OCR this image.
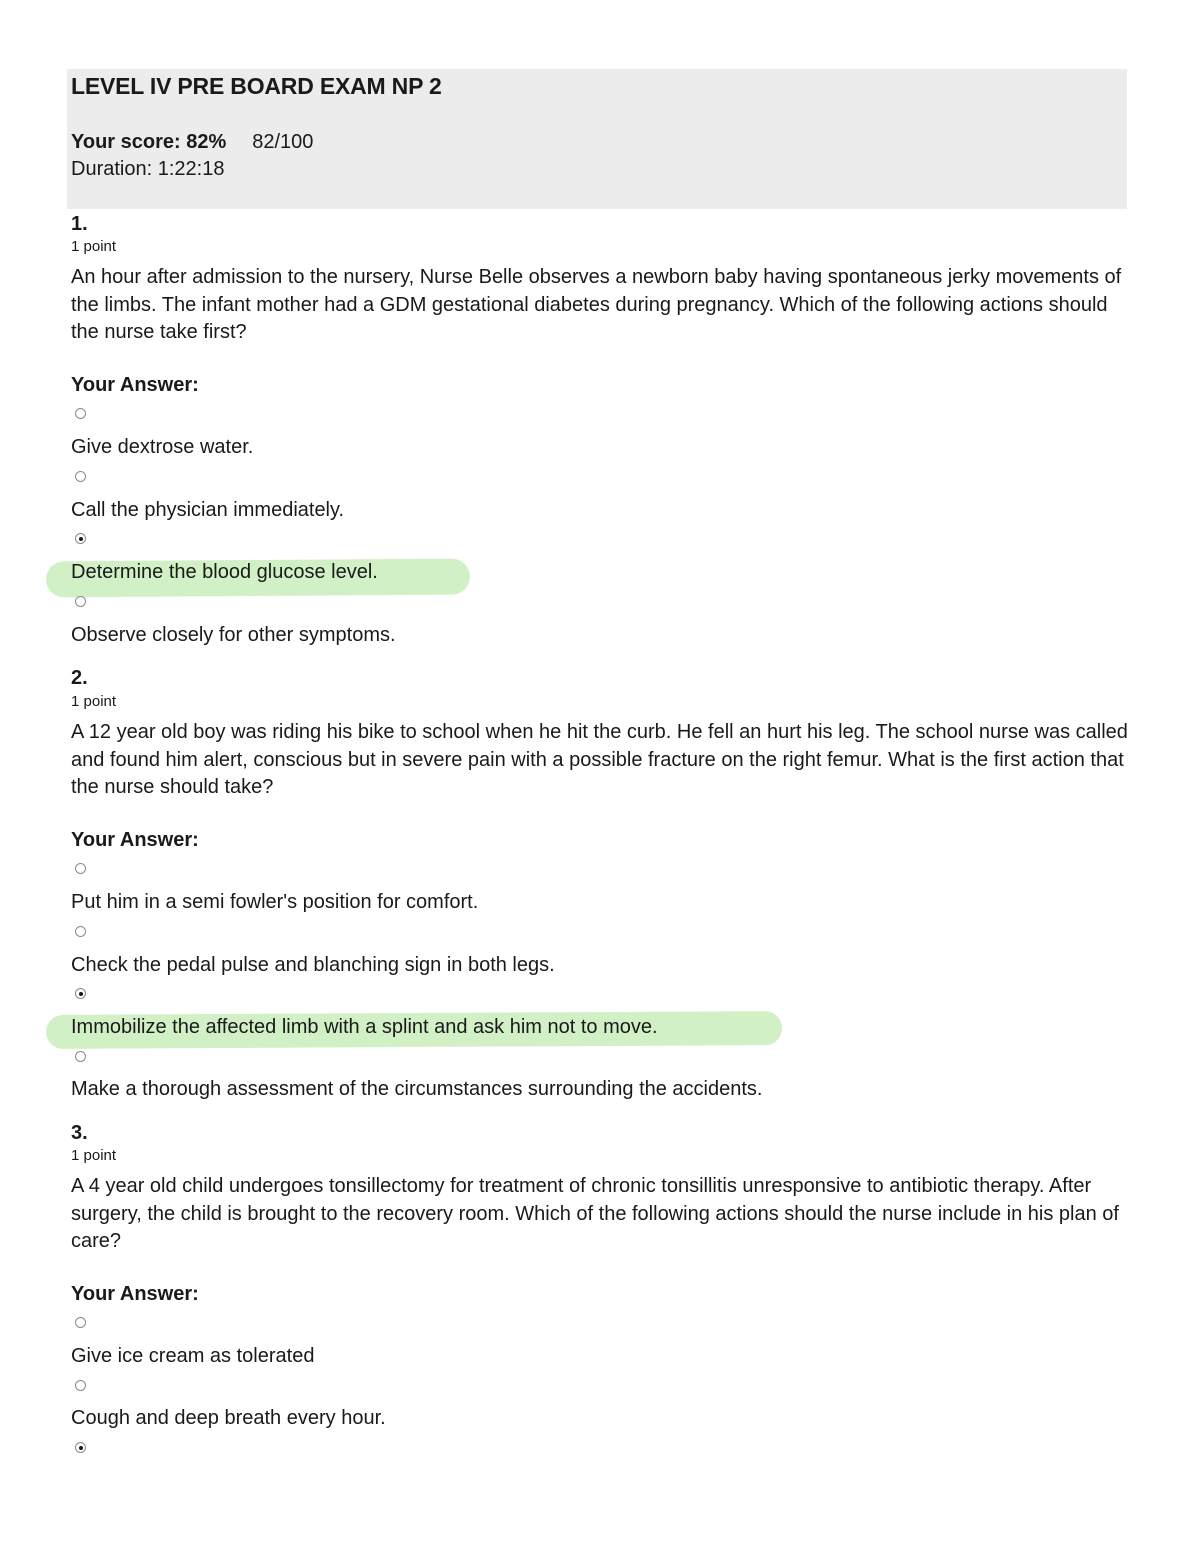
LEVEL IV PRE BOARD EXAM NP 2
Your score: 82% 82/100
Duration: 1:22:18
1.
1 point
An hour after admission to the nursery, Nurse Belle observes a newborn baby having spontaneous jerky movements of the limbs. The infant mother had a GDM gestational diabetes during pregnancy. Which of the following actions should the nurse take first?
Your Answer:
Give dextrose water.
Call the physician immediately.
Determine the blood glucose level.
Observe closely for other symptoms.
2.
1 point
A 12 year old boy was riding his bike to school when he hit the curb. He fell an hurt his leg. The school nurse was called and found him alert, conscious but in severe pain with a possible fracture on the right femur. What is the first action that the nurse should take?
Your Answer:
Put him in a semi fowler's position for comfort.
Check the pedal pulse and blanching sign in both legs.
Immobilize the affected limb with a splint and ask him not to move.
Make a thorough assessment of the circumstances surrounding the accidents.
3.
1 point
A 4 year old child undergoes tonsillectomy for treatment of chronic tonsillitis unresponsive to antibiotic therapy. After surgery, the child is brought to the recovery room. Which of the following actions should the nurse include in his plan of care?
Your Answer:
Give ice cream as tolerated
Cough and deep breath every hour.
